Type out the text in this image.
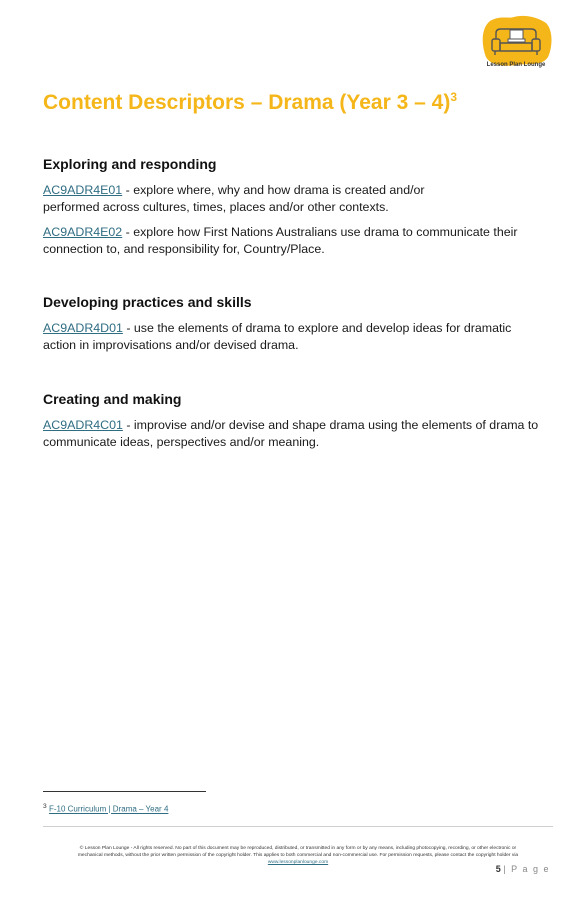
Lesson Plan Lounge
Content Descriptors – Drama (Year 3 – 4)$^3$
Exploring and responding

AC9ADR4E01 - explore where, why and how drama is created and/or
performed across cultures, times, places and/or other contexts.

AC9ADR4E02 - explore how First Nations Australians use drama to communicate their
connection to, and responsibility for, Country/Place.

Developing practices and skills

AC9ADR4D01 - use the elements of drama to explore and develop ideas for dramatic
action in improvisations and/or devised drama.

Creating and making

AC9ADR4C01 - improvise and/or devise and shape drama using the elements of drama to
communicate ideas, perspectives and/or meaning.

$^3$ F-10 Curriculum | Drama – Year 4
© Lesson Plan Lounge - All rights reserved. No part of this document may be reproduced, distributed, or transmitted in any form or by any means, including photocopying, recording, or other electronic or
mechanical methods, without the prior written permission of the copyright holder. This applies to both commercial and non-commercial use. For permission requests, please contact the copyright holder via
www.lessonplanlounge.com
5 | P a g e
